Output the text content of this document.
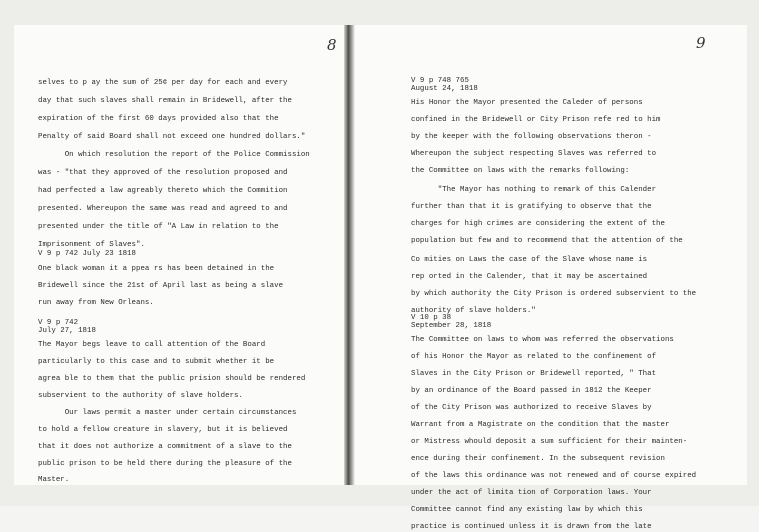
8
selves to p ay the sum of 25¢ per day for each and every
day that such slaves shall remain in Bridewell, after the
expiration of the first 60 days provided also that the
Penalty of said Board shall not exceed one hundred dollars."
On which resolution the report of the Police Commission
was - "that they approved of the resolution proposed and
had perfected a law agreably thereto which the Commition
presented. Whereupon the same was read and agreed to and
presented under the title of "A Law in relation to the
Imprisonment of Slaves".
V 9 p 742 July 23 1818
One black woman it a ppea rs has been detained in the
Bridewell since the 21st of April last as being a slave
run away from New Orleans.
V 9 p 742
July 27, 1818
The Mayor begs leave to call attention of the Board
particularly to this case and to submit whether it be
agrea ble to them that the public prision should be rendered
subservient to the authority of slave holders.
Our laws permit a master under certain circumstances
to hold a fellow creature in slavery, but it is believed
that it does not authorize a commitment of a slave to the
public prison to be held there during the pleasure of the
Master.
9
V 9 p 748 765
August 24, 1818
His Honor the Mayor presented the Caleder of persons
confined in the Bridewell or City Prison refe red to him
by the keeper with the following observations theron -
Whereupon the subject respecting Slaves was referred to
the Committee on laws with the remarks following:
"The Mayor has nothing to remark of this Calender
further than that it is gratifying to observe that the
charges for high crimes are considering the extent of the
population but few and to recommend that the attention of the
Co mities on Laws the case of the Slave whose name is
rep orted in the Calender, that it may be ascertained
by which authority the City Prison is ordered subservient to the
authority of slave holders."
V 10 p 38
September 28, 1818
The Committee on laws to whom was referred the observations
of his Honor the Mayor as related to the confinement of
Slaves in the City Prison or Bridewell reported, " That
by an ordinance of the Board passed in 1812 the Keeper
of the City Prison was authorized to receive Slaves by
Warrant from a Magistrate on the condition that the master
or Mistress whould deposit a sum sufficient for their mainten-
ence during their confinement. In the subsequent revision
of the laws this ordinance was not renewed and of course expired
under the act of limita tion of Corporation laws. Your
Committee cannot find any existing law by which this
practice is continued unless it is drawn from the late
